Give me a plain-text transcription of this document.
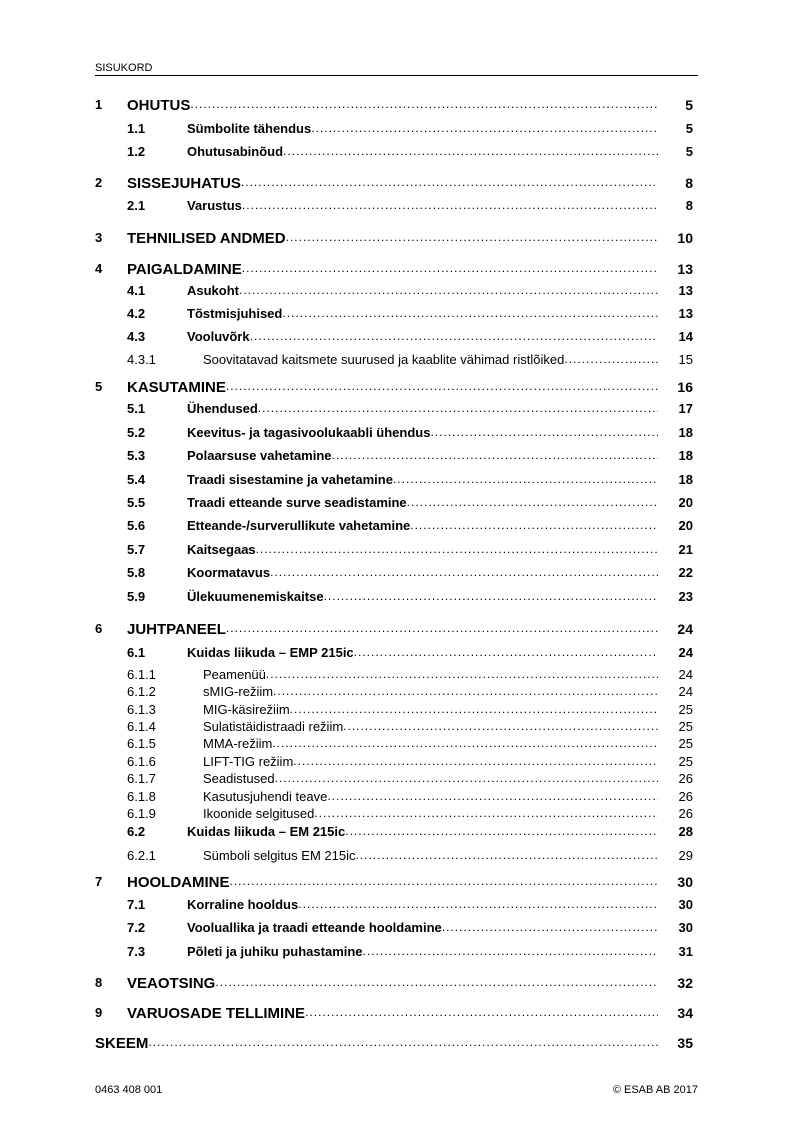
SISUKORD
1 OHUTUS .....	5
1.1	Sümbolite tähendus .....	5
1.2	Ohutusabinõud .....	5
2 SISSEJUHATUS .....	8
2.1	Varustus .....	8
3 TEHNILISED ANDMED .....	10
4 PAIGALDAMINE .....	13
4.1	Asukoht .....	13
4.2	Tõstmisjuhised .....	13
4.3	Vooluvõrk .....	14
4.3.1	Soovitatavad kaitsmete suurused ja kaablite vähimad ristlõiked .....	15
5 KASUTAMINE .....	16
5.1	Ühendused .....	17
5.2	Keevitus- ja tagasivoolukaabli ühendus .....	18
5.3	Polaarsuse vahetamine .....	18
5.4	Traadi sisestamine ja vahetamine .....	18
5.5	Traadi etteande surve seadistamine .....	20
5.6	Etteande-/surverullikute vahetamine .....	20
5.7	Kaitsegaas .....	21
5.8	Koormatavus .....	22
5.9	Ülekuumenemiskaitse .....	23
6 JUHTPANEEL .....	24
6.1	Kuidas liikuda – EMP 215ic .....	24
6.1.1	Peamenüü .....	24
6.1.2	sMIG-režiim .....	24
6.1.3	MIG-käsirežiim .....	25
6.1.4	Sulatistäidistraadi režiim .....	25
6.1.5	MMA-režiim .....	25
6.1.6	LIFT-TIG režiim .....	25
6.1.7	Seadistused .....	26
6.1.8	Kasutusjuhendi teave .....	26
6.1.9	Ikoonide selgitused .....	26
6.2	Kuidas liikuda – EM 215ic .....	28
6.2.1	Sümboli selgitus EM 215ic .....	29
7 HOOLDAMINE .....	30
7.1	Korraline hooldus .....	30
7.2	Vooluallika ja traadi etteande hooldamine .....	30
7.3	Põleti ja juhiku puhastamine .....	31
8 VEAOTSING .....	32
9 VARUOSADE TELLIMINE .....	34
SKEEM .....	35
0463 408 001	© ESAB AB 2017
